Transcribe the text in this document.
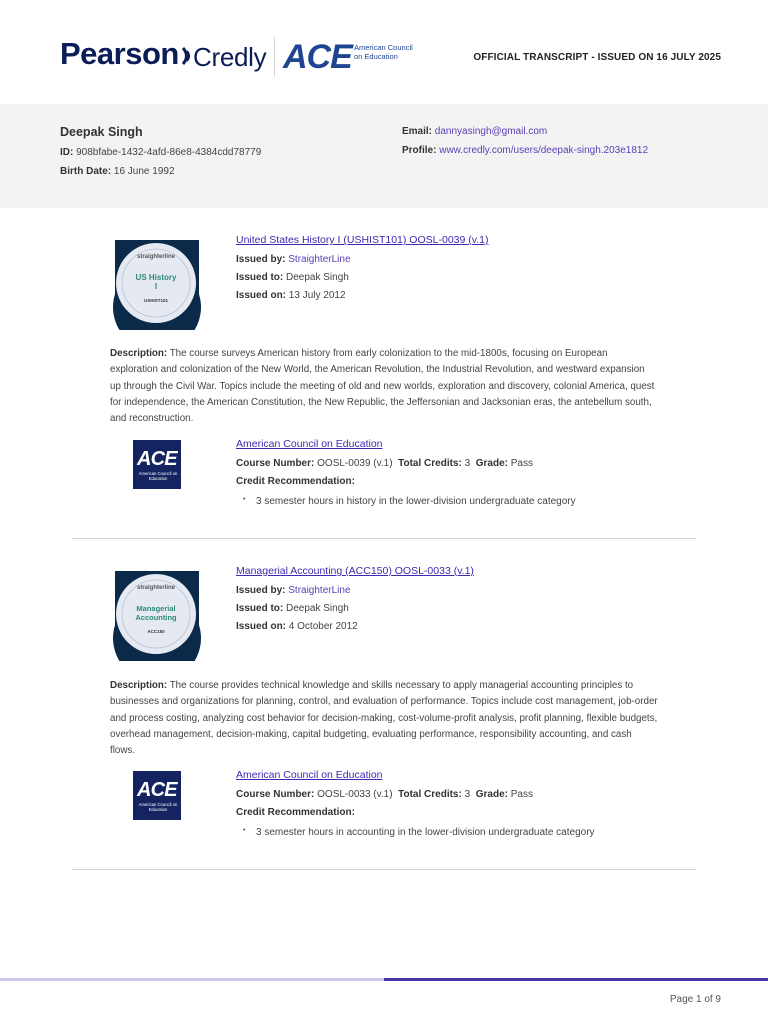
Pearson Credly ACE American Council on Education	OFFICIAL TRANSCRIPT - ISSUED ON 16 JULY 2025
Deepak Singh
ID: 908bfabe-1432-4afd-86e8-4384cdd78779
Birth Date: 16 June 1992
Email: dannyasingh@gmail.com
Profile: www.credly.com/users/deepak-singh.203e1812
straighterline
US History
I
USHIST101
United States History I (USHIST101) OOSL-0039 (v.1)
Issued by: StraighterLine
Issued to: Deepak Singh
Issued on: 13 July 2012
Description: The course surveys American history from early colonization to the mid-1800s, focusing on European exploration and colonization of the New World, the American Revolution, the Industrial Revolution, and westward expansion up through the Civil War. Topics include the meeting of old and new worlds, exploration and discovery, colonial America, quest for independence, the American Constitution, the New Republic, the Jeffersonian and Jacksonian eras, the antebellum south, and reconstruction.
ACE
American Council on Education
American Council on Education
Course Number: OOSL-0039 (v.1) Total Credits: 3 Grade: Pass
Credit Recommendation:
• 3 semester hours in history in the lower-division undergraduate category
straighterline
Managerial
Accounting
ACC150
Managerial Accounting (ACC150) OOSL-0033 (v.1)
Issued by: StraighterLine
Issued to: Deepak Singh
Issued on: 4 October 2012
Description: The course provides technical knowledge and skills necessary to apply managerial accounting principles to businesses and organizations for planning, control, and evaluation of performance. Topics include cost management, job-order and process costing, analyzing cost behavior for decision-making, cost-volume-profit analysis, profit planning, flexible budgets, overhead management, decision-making, capital budgeting, evaluating performance, responsibility accounting, and cash flows.
ACE
American Council on Education
American Council on Education
Course Number: OOSL-0033 (v.1) Total Credits: 3 Grade: Pass
Credit Recommendation:
• 3 semester hours in accounting in the lower-division undergraduate category
Page 1 of 9
